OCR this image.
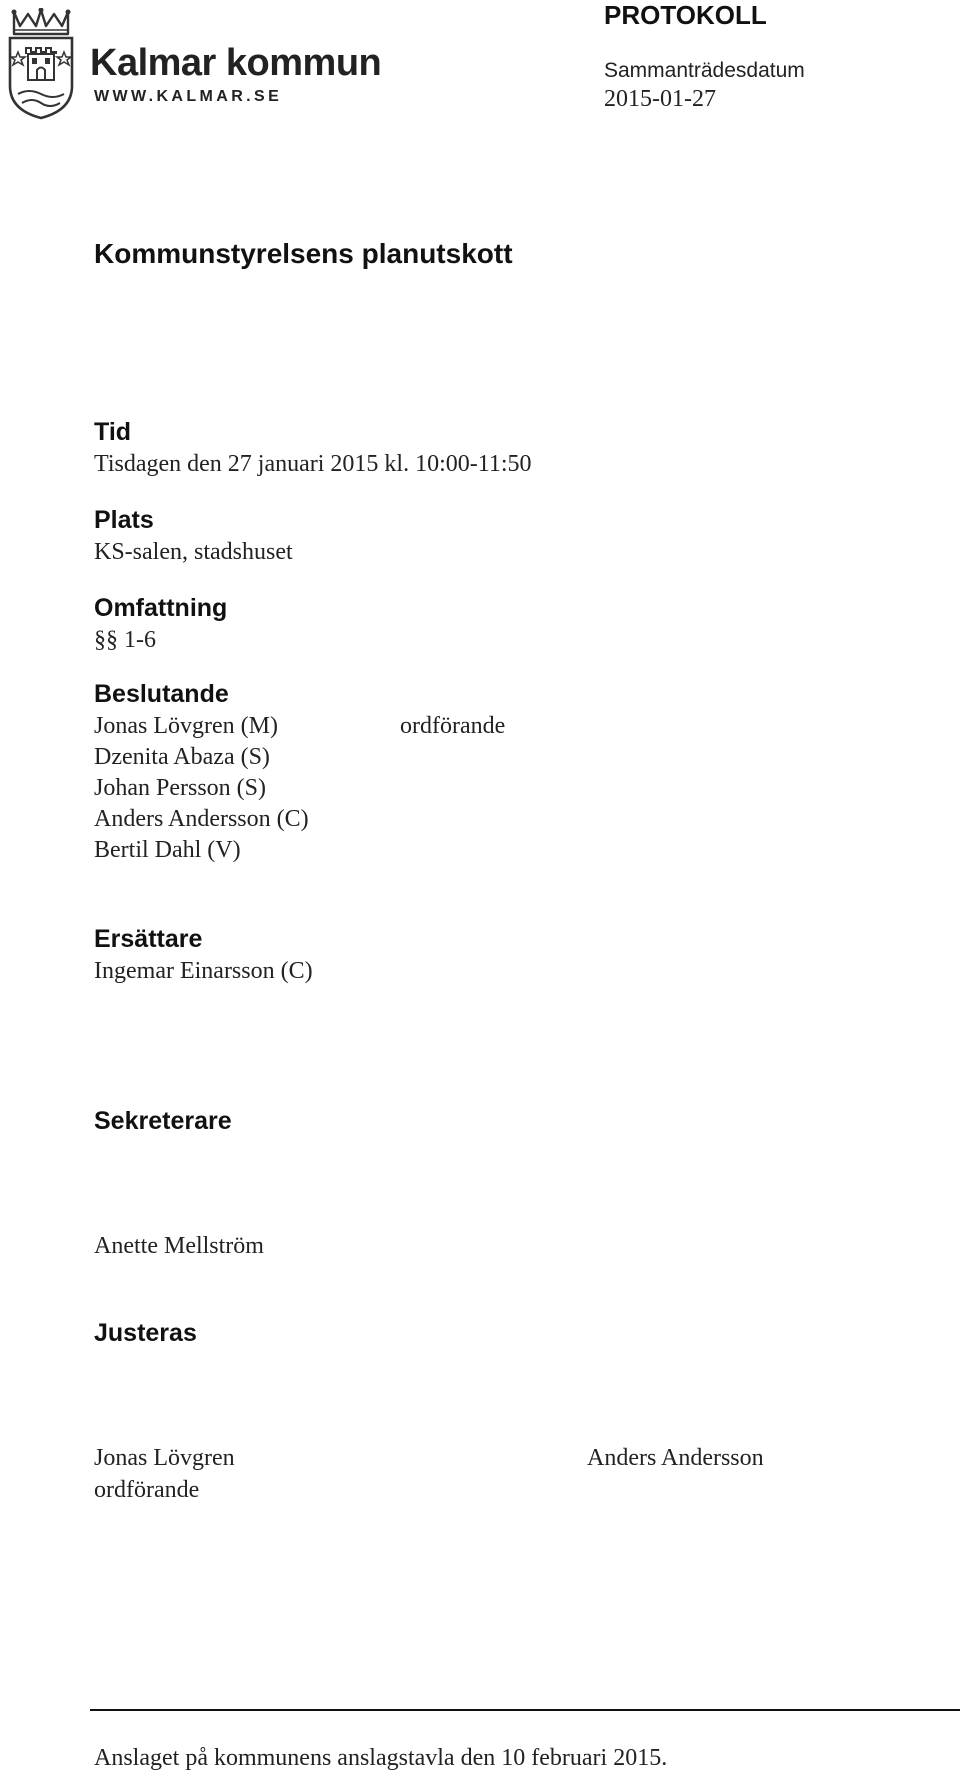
Kalmar kommun
WWW.KALMAR.SE
PROTOKOLL
Sammanträdesdatum
2015-01-27
Kommunstyrelsens planutskott
Tid
Tisdagen den 27 januari 2015 kl. 10:00-11:50
Plats
KS-salen, stadshuset
Omfattning
§§ 1-6
Beslutande
Jonas Lövgren (M)	ordförande
Dzenita Abaza (S)
Johan Persson (S)
Anders Andersson (C)
Bertil Dahl (V)
Ersättare
Ingemar Einarsson (C)
Sekreterare
Anette Mellström
Justeras
Jonas Lövgren
ordförande
Anders Andersson
Anslaget på kommunens anslagstavla den 10 februari 2015.
